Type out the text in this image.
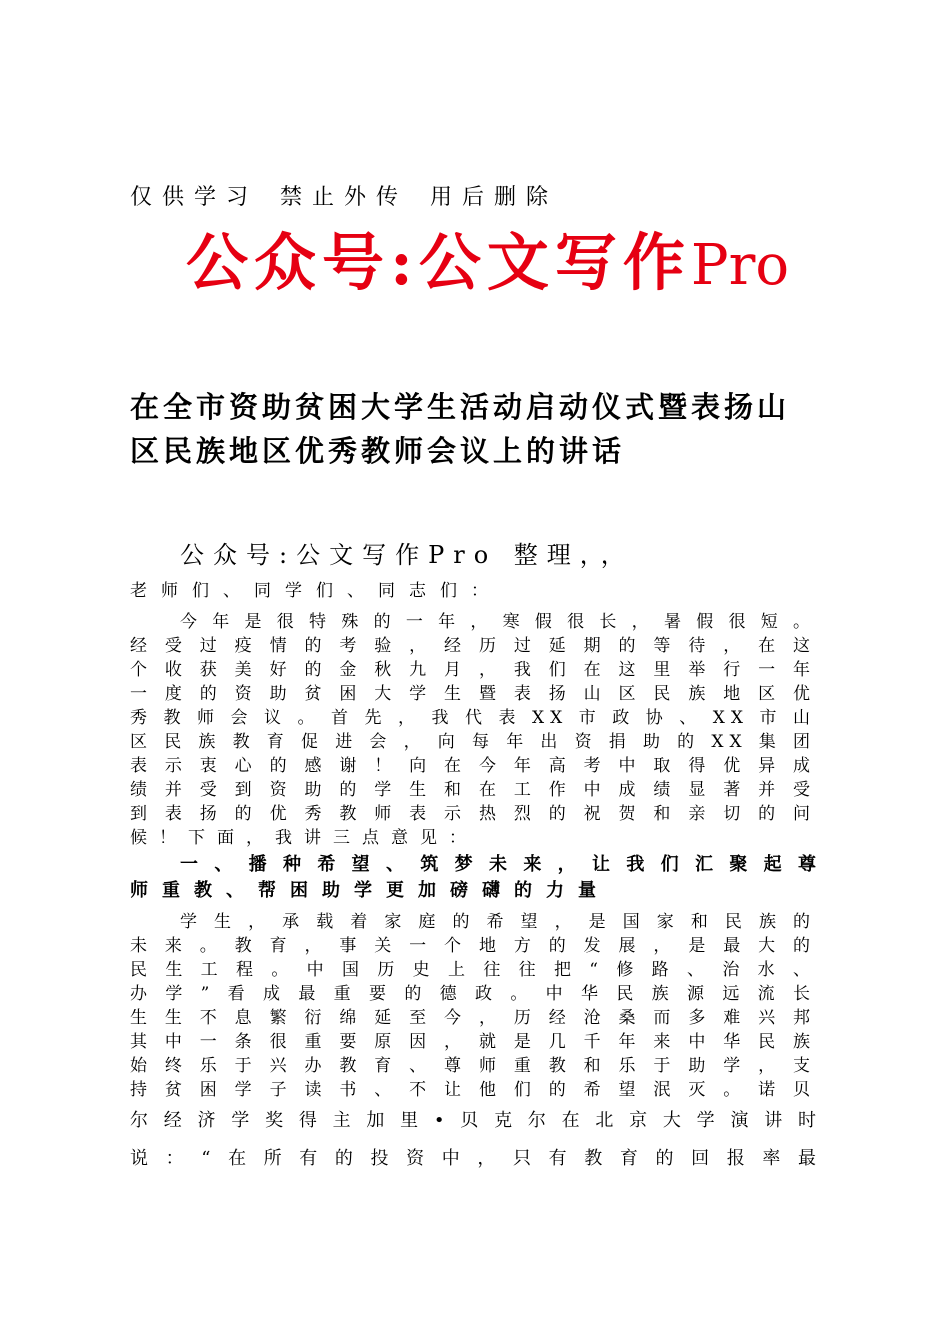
仅供学习 禁止外传 用后删除
公众号:公文写作Pro
在全市资助贫困大学生活动启动仪式暨表扬山
区民族地区优秀教师会议上的讲话
公众号:公文写作Pro 整理，，
老师们、同学们、同志们：
今年是很特殊的一年，寒假很长，暑假很短。
经受过疫情的考验，经历过延期的等待，在这
个收获美好的金秋九月，我们在这里举行一年
一度的资助贫困大学生暨表扬山区民族地区优
秀教师会议。首先，我代表XX市政协、XX市山
区民族教育促进会，向每年出资捐助的XX集团
表示衷心的感谢！向在今年高考中取得优异成
绩并受到资助的学生和在工作中成绩显著并受
到表扬的优秀教师表示热烈的祝贺和亲切的问
候！下面，我讲三点意见：
一、播种希望、筑梦未来，让我们汇聚起尊
师重教、帮困助学更加磅礴的力量
学生，承载着家庭的希望，是国家和民族的
未来。教育，事关一个地方的发展，是最大的
民生工程。中国历史上往往把“修路、治水、
办学”看成最重要的德政。中华民族源远流长
生生不息繁衍绵延至今，历经沧桑而多难兴邦
其中一条很重要原因，就是几千年来中华民族
始终乐于兴办教育、尊师重教和乐于助学，支
持贫困学子读书、不让他们的希望泯灭。诺贝
尔经济学奖得主加里•贝克尔在北京大学演讲时
说：“在所有的投资中，只有教育的回报率最
